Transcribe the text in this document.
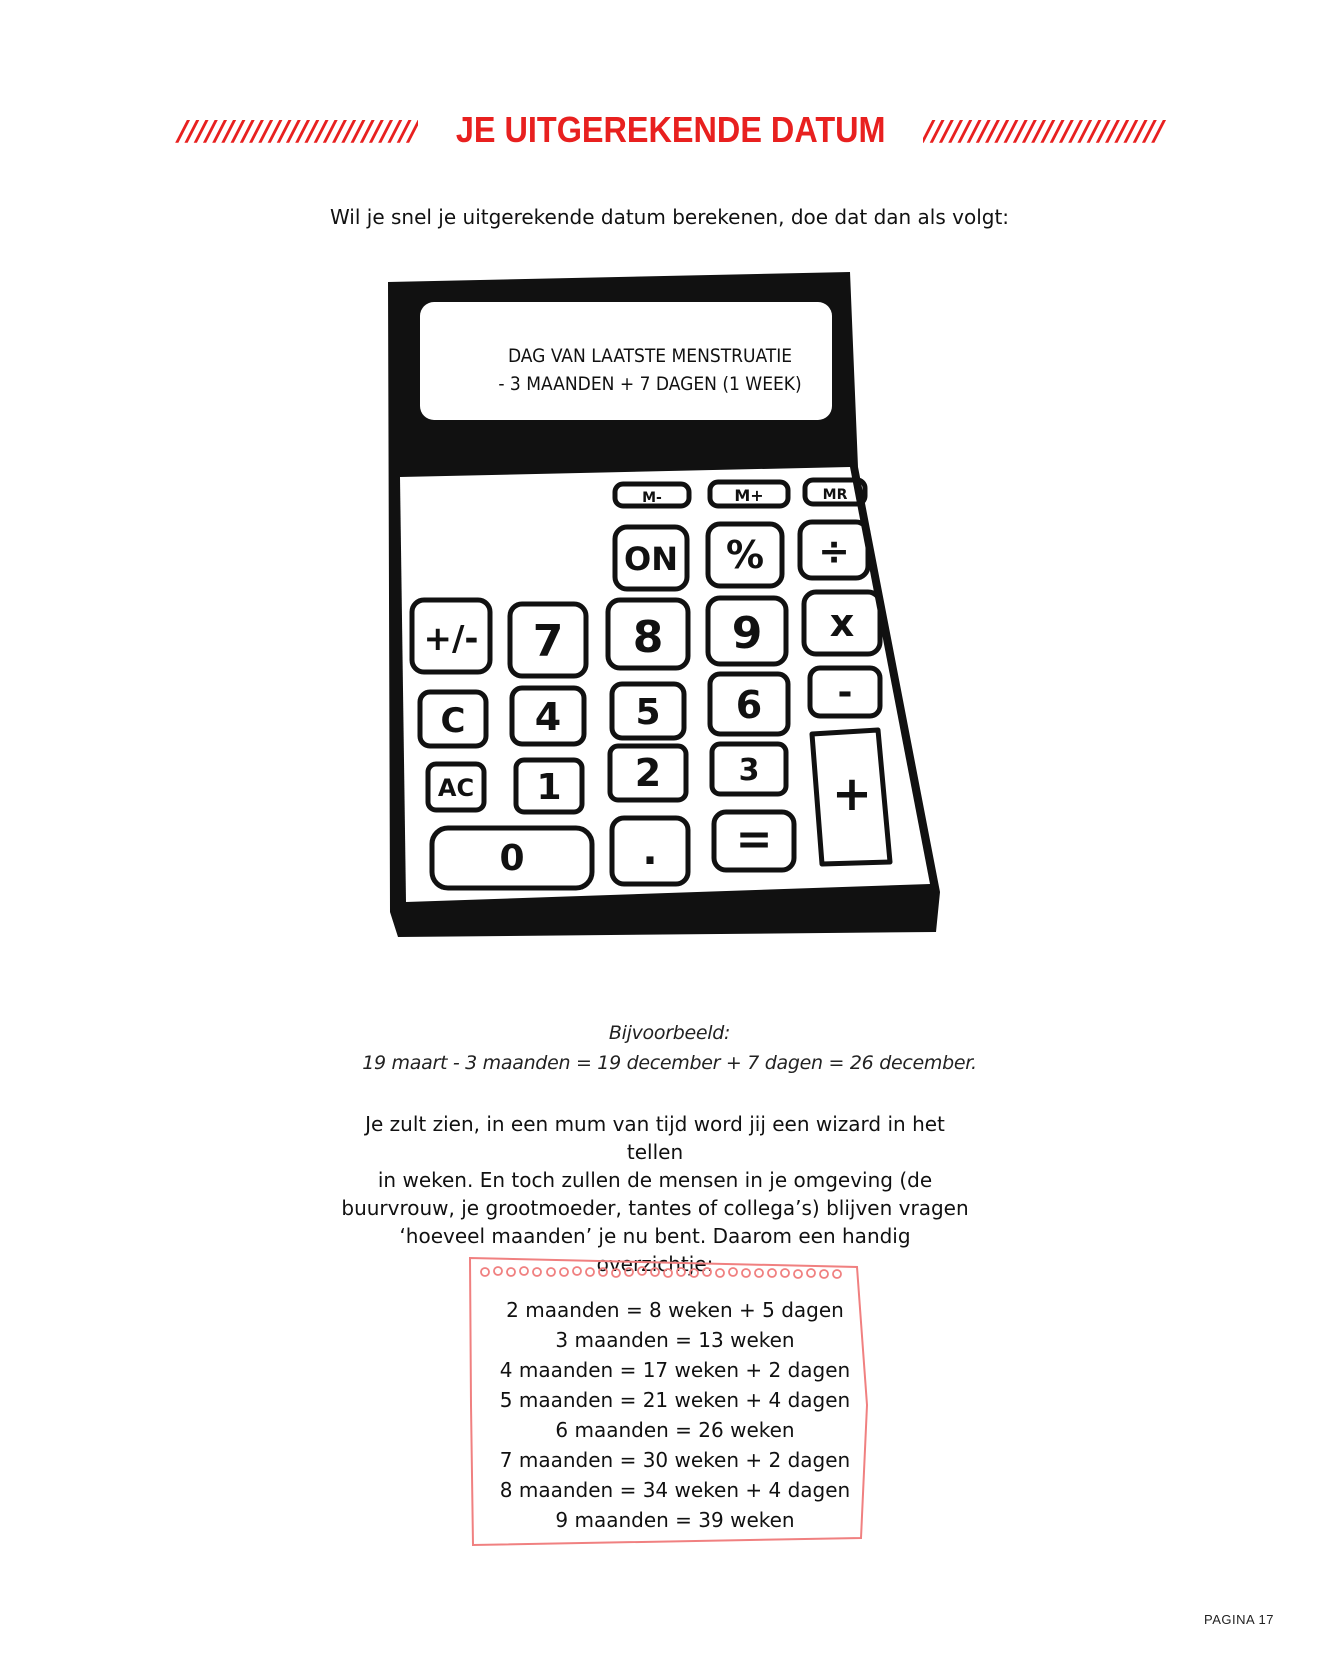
////////////////////////// JE UITGEREKENDE DATUM //////////////////////////
Wil je snel je uitgerekende datum berekenen, doe dat dan als volgt:
M-	M+	MR
ON % ÷
+/- 7 8 9 x
C 4 5 6 -
AC 1 2	3 +
0	. =
DAG VAN LAATSTE MENSTRUATIE
- 3 MAANDEN + 7 DAGEN (1 WEEK)
Bijvoorbeeld:
19 maart - 3 maanden = 19 december + 7 dagen = 26 december.
Je zult zien, in een mum van tijd word jij een wizard in het tellen
in weken. En toch zullen de mensen in je omgeving (de
buurvrouw, je grootmoeder, tantes of collega’s) blijven vragen
‘hoeveel maanden’ je nu bent. Daarom een handig overzichtje:
2 maanden = 8 weken + 5 dagen
3 maanden = 13 weken
4 maanden = 17 weken + 2 dagen
5 maanden = 21 weken + 4 dagen
6 maanden = 26 weken
7 maanden = 30 weken + 2 dagen
8 maanden = 34 weken + 4 dagen
9 maanden = 39 weken
PAGINA 17
